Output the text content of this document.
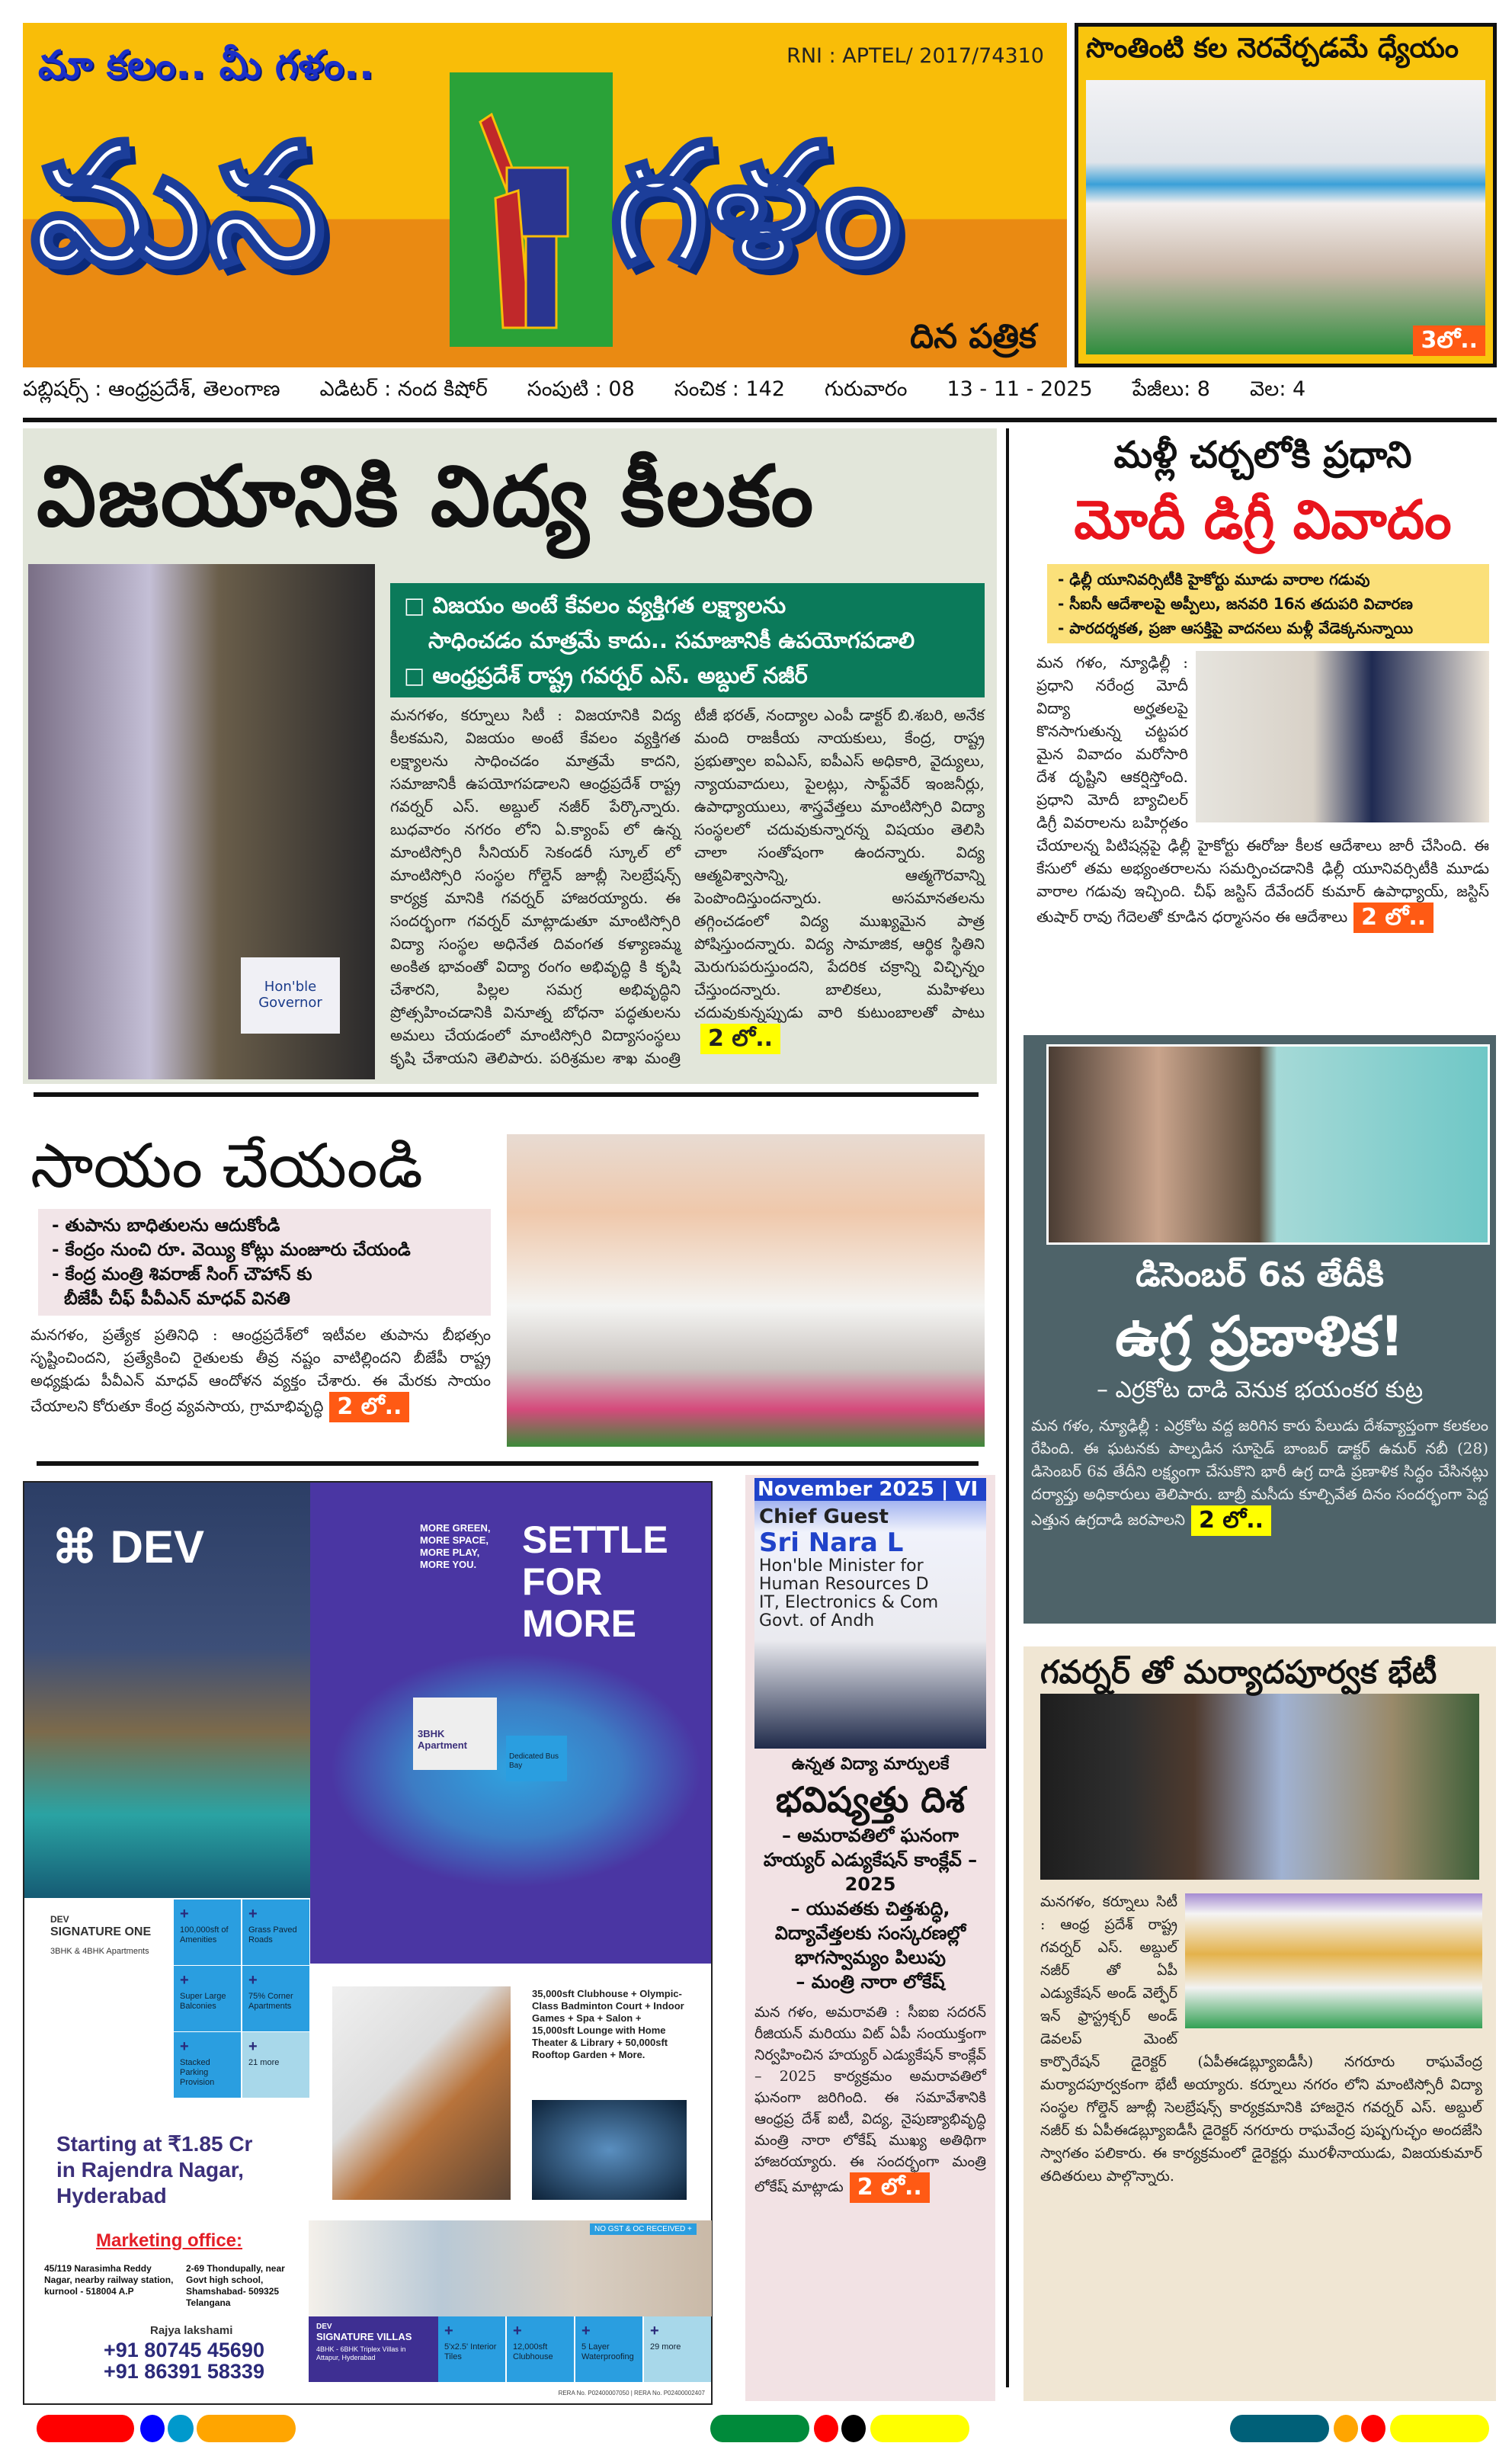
మా కలం.. మీ గళం..	RNI : APTEL/ 2017/74310
మన గళం
దిన పత్రిక
సొంతింటి కల నెరవేర్చడమే ధ్యేయం
3లో..
పబ్లిషర్స్ : ఆంధ్రప్రదేశ్, తెలంగాణ ఎడిటర్ : నంద కిషోర్ సంపుటి : 08 సంచిక : 142 గురువారం 13 - 11 - 2025 పేజీలు: 8 వెల: 4
విజయానికి విద్య కీలకం
Hon'ble Governor
□ విజయం అంటే కేవలం వ్యక్తిగత లక్ష్యాలను
సాధించడం మాత్రమే కాదు.. సమాజానికీ ఉపయోగపడాలి
□ ఆంధ్రప్రదేశ్ రాష్ట్ర గవర్నర్ ఎస్. అబ్దుల్ నజీర్
మనగళం, కర్నూలు సిటీ : విజయానికి విద్య కీలకమని, విజయం అంటే కేవలం వ్యక్తిగత లక్ష్యాలను సాధించడం మాత్రమే కాదని, సమాజానికీ ఉపయోగపడాలని ఆంధ్రప్రదేశ్ రాష్ట్ర గవర్నర్ ఎస్. అబ్దుల్ నజీర్ పేర్కొన్నారు. బుధవారం నగరం లోని ఏ.క్యాంప్ లో ఉన్న మాంటిస్సోరి సీనియర్ సెకండరీ స్కూల్ లో మాంటిస్సోరి సంస్థల గోల్డెన్ జూబ్లీ సెలబ్రేషన్స్ కార్యక్ర మానికి గవర్నర్ హాజరయ్యారు. ఈ సందర్భంగా గవర్నర్ మాట్లాడుతూ మాంటిస్సోరి విద్యా సంస్థల అధినేత దివంగత కళ్యాణమ్మ అంకిత భావంతో విద్యా రంగం అభివృద్ధి కి కృషి చేశారని, పిల్లల సమగ్ర అభివృద్ధిని ప్రోత్సహించడానికి వినూత్న బోధనా పద్ధతులను అమలు చేయడంలో మాంటిస్సోరి విద్యాసంస్థలు కృషి చేశాయని తెలిపారు. పరిశ్రమల శాఖ మంత్రి టీజీ భరత్, నంద్యాల ఎంపీ డాక్టర్ బి.శబరి, అనేక మంది రాజకీయ నాయకులు, కేంద్ర, రాష్ట్ర ప్రభుత్వాల ఐఏఎస్, ఐపీఎస్ అధికారి, వైద్యులు, న్యాయవాదులు, పైలట్లు, సాఫ్ట్‌వేర్ ఇంజనీర్లు, ఉపాధ్యాయులు, శాస్త్రవేత్తలు మాంటిస్సోరి విద్యా సంస్థలలో చదువుకున్నారన్న విషయం తెలిసి చాలా సంతోషంగా ఉందన్నారు. విద్య ఆత్మవిశ్వాసాన్ని, ఆత్మగౌరవాన్ని పెంపొందిస్తుందన్నారు. అసమానతలను తగ్గించడంలో విద్య ముఖ్యమైన పాత్ర పోషిస్తుందన్నారు. విద్య సామాజిక, ఆర్థిక స్థితిని మెరుగుపరుస్తుందని, పేదరిక చక్రాన్ని విచ్ఛిన్నం చేస్తుందన్నారు. బాలికలు, మహిళలు చదువుకున్నప్పుడు వారి కుటుంబాలతో పాటు2 లో..
మళ్లీ చర్చలోకి ప్రధాని
మోదీ డిగ్రీ వివాదం
- ఢిల్లీ యూనివర్సిటీకి హైకోర్టు మూడు వారాల గడువు
- సీఐసీ ఆదేశాలపై అప్పీలు, జనవరి 16న తదుపరి విచారణ
- పారదర్శకత, ప్రజా ఆసక్తిపై వాదనలు మళ్లీ వేడెక్కనున్నాయి
మన గళం, న్యూఢిల్లీ : ప్రధాని నరేంద్ర మోదీ విద్యా అర్హతలపై కొనసాగుతున్న చట్టపర మైన వివాదం మరోసారి దేశ దృష్టిని ఆకర్షిస్తోంది. ప్రధాని మోదీ బ్యాచిలర్ డిగ్రీ వివరాలను బహిర్గతం చేయాలన్న పిటిషన్లపై ఢిల్లీ హైకోర్టు ఈరోజు కీలక ఆదేశాలు జారీ చేసింది. ఈ కేసులో తమ అభ్యంతరాలను సమర్పించడానికి ఢిల్లీ యూనివర్సిటీకి మూడు వారాల గడువు ఇచ్చింది. చీఫ్ జస్టిస్ దేవేందర్ కుమార్ ఉపాధ్యాయ్, జస్టిస్ తుషార్ రావు గేదెలతో కూడిన ధర్మాసనం ఈ ఆదేశాలు 2 లో..
సాయం చేయండి
- తుపాను బాధితులను ఆదుకోండి
- కేంద్రం నుంచి రూ. వెయ్యి కోట్లు మంజూరు చేయండి
- కేంద్ర మంత్రి శివరాజ్ సింగ్ చౌహాన్ కు
బీజేపీ చీఫ్ పీవీఎన్ మాధవ్ వినతి
మనగళం, ప్రత్యేక ప్రతినిధి : ఆంధ్రప్రదేశ్‌లో ఇటీవల తుపాను బీభత్సం సృష్టించిందని, ప్రత్యేకించి రైతులకు తీవ్ర నష్టం వాటిల్లిందని బీజేపీ రాష్ట్ర అధ్యక్షుడు పీవీఎన్ మాధవ్ ఆందోళన వ్యక్తం చేశారు. ఈ మేరకు సాయం చేయాలని కోరుతూ కేంద్ర వ్యవసాయ, గ్రామాభివృద్ధి 2 లో..
డిసెంబర్ 6వ తేదీకి
ఉగ్ర ప్రణాళిక!
– ఎర్రకోట దాడి వెనుక భయంకర కుట్ర
మన గళం, న్యూఢిల్లీ : ఎర్రకోట వద్ద జరిగిన కారు పేలుడు దేశవ్యాప్తంగా కలకలం రేపింది. ఈ ఘటనకు పాల్పడిన సూసైడ్ బాంబర్ డాక్టర్ ఉమర్ నబీ (28) డిసెంబర్ 6వ తేదీని లక్ష్యంగా చేసుకొని భారీ ఉగ్ర దాడి ప్రణాళిక సిద్ధం చేసినట్లు దర్యాప్తు అధికారులు తెలిపారు. బాబ్రీ మసీదు కూల్చివేత దినం సందర్భంగా పెద్ద ఎత్తున ఉగ్రదాడి జరపాలని 2 లో..
⌘ DEV	MORE GREEN,
MORE SPACE,
MORE PLAY,
MORE YOU.
SETTLE
FOR
MORE
3BHK Apartment
Dedicated Bus Bay
DEV
SIGNATURE ONE
3BHK & 4BHK Apartments
+
100,000sft of Amenities
+
Grass Paved Roads
+
Super Large Balconies
+
75% Corner Apartments
+
Stacked Parking Provision
+
21 more
35,000sft Clubhouse + Olympic-Class Badminton Court + Indoor Games + Spa + Salon + 15,000sft Lounge with Home Theater & Library + 50,000sft Rooftop Garden + More.
Starting at ₹1.85 Cr
in Rajendra Nagar,
Hyderabad
Marketing office:
45/119 Narasimha Reddy Nagar, nearby railway station, kurnool - 518004 A.P
2-69 Thondupally, near Govt high school, Shamshabad- 509325 Telangana
Rajya lakshami
+91 80745 45690
+91 86391 58339
NO GST & OC RECEIVED +
DEV
SIGNATURE VILLAS
4BHK - 6BHK Triplex Villas in Attapur, Hyderabad
+
5'x2.5' Interior Tiles
+
12,000sft Clubhouse
+
5 Layer Waterproofing
+
29 more
RERA No. P02400007050 | RERA No. P02400002407
November 2025 | VI
Chief Guest
Sri Nara L
Hon'ble Minister for
Human Resources D
IT, Electronics & Com
Govt. of Andh
ఉన్నత విద్యా మార్పులకే
భవిష్యత్తు దిశ
– అమరావతిలో ఘనంగా హయ్యర్ ఎడ్యుకేషన్ కాంక్లేవ్ – 2025
– యువతకు చిత్తశుద్ధి, విద్యావేత్తలకు సంస్కరణల్లో భాగస్వామ్యం పిలుపు
– మంత్రి నారా లోకేష్
మన గళం, అమరావతి : సీఐఐ సదరన్ రీజియన్ మరియు విట్ ఏపీ సంయుక్తంగా నిర్వహించిన హయ్యర్ ఎడ్యుకేషన్ కాంక్లేవ్ – 2025 కార్యక్రమం అమరావతిలో ఘనంగా జరిగింది. ఈ సమావేశానికి ఆంధ్రప్ర దేశ్ ఐటీ, విద్య, నైపుణ్యాభివృద్ధి మంత్రి నారా లోకేష్ ముఖ్య అతిథిగా హాజరయ్యారు. ఈ సందర్భంగా మంత్రి లోకేష్ మాట్లాడు 2 లో..
గవర్నర్ తో మర్యాదపూర్వక భేటీ
మనగళం, కర్నూలు సిటీ : ఆంధ్ర ప్రదేశ్ రాష్ట్ర గవర్నర్ ఎస్. అబ్దుల్ నజీర్ తో ఏపీ ఎడ్యుకేషన్ అండ్ వెల్ఫేర్ ఇన్ ఫ్రాస్ట్రక్చర్ అండ్ డెవలప్ మెంట్ కార్పొరేషన్ డైరెక్టర్ (ఏపీఈడబ్ల్యూఐడీసీ) నగరూరు రాఘవేంద్ర మర్యాదపూర్వకంగా భేటీ అయ్యారు. కర్నూలు నగరం లోని మాంటిస్సోరీ విద్యా సంస్థల గోల్డెన్ జూబ్లీ సెలబ్రేషన్స్ కార్యక్రమానికి హాజరైన గవర్నర్ ఎస్. అబ్దుల్ నజీర్ కు ఏపీఈడబ్ల్యూఐడీసీ డైరెక్టర్ నగరూరు రాఘవేంద్ర పుష్పగుచ్ఛం అందజేసి స్వాగతం పలికారు. ఈ కార్యక్రమంలో డైరెక్టర్లు మురళీనాయుడు, విజయకుమార్ తదితరులు పాల్గొన్నారు.
